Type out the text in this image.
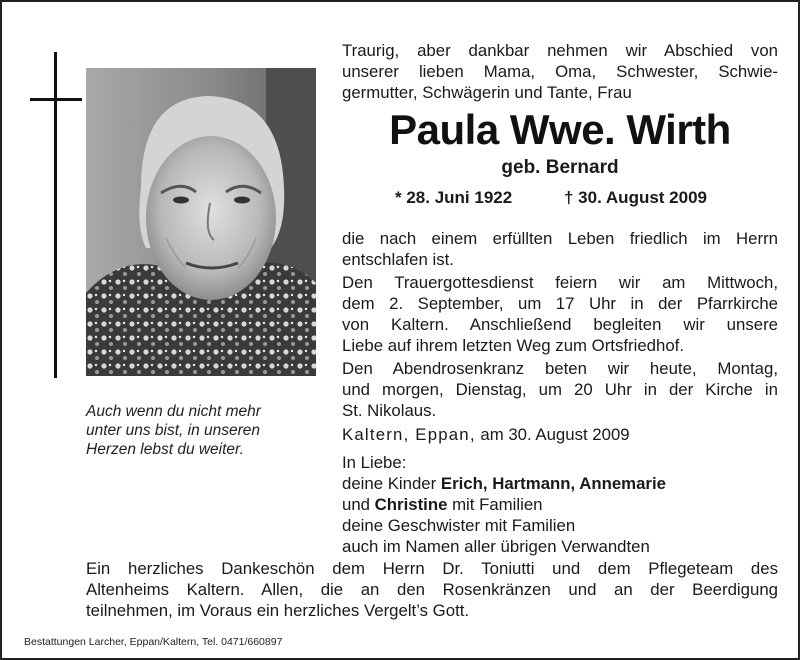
Auch wenn du nicht mehr
unter uns bist, in unseren
Herzen lebst du weiter.
Traurig, aber dankbar nehmen wir Abschied von
unserer lieben Mama, Oma, Schwester, Schwie-
germutter, Schwägerin und Tante, Frau
Paula Wwe. Wirth
geb. Bernard
* 28. Juni 1922	† 30. August 2009
die nach einem erfüllten Leben friedlich im Herrn
entschlafen ist.
Den Trauergottesdienst feiern wir am Mittwoch,
dem 2. September, um 17 Uhr in der Pfarrkirche
von Kaltern. Anschließend begleiten wir unsere
Liebe auf ihrem letzten Weg zum Ortsfriedhof.
Den Abendrosenkranz beten wir heute, Montag,
und morgen, Dienstag, um 20 Uhr in der Kirche in
St. Nikolaus.
Kaltern, Eppan, am 30. August 2009
In Liebe:
deine Kinder Erich, Hartmann, Annemarie
und Christine mit Familien
deine Geschwister mit Familien
auch im Namen aller übrigen Verwandten
Ein herzliches Dankeschön dem Herrn Dr. Toniutti und dem Pflegeteam des
Altenheims Kaltern. Allen, die an den Rosenkränzen und an der Beerdigung
teilnehmen, im Voraus ein herzliches Vergelt’s Gott.
Bestattungen Larcher, Eppan/Kaltern, Tel. 0471/660897
